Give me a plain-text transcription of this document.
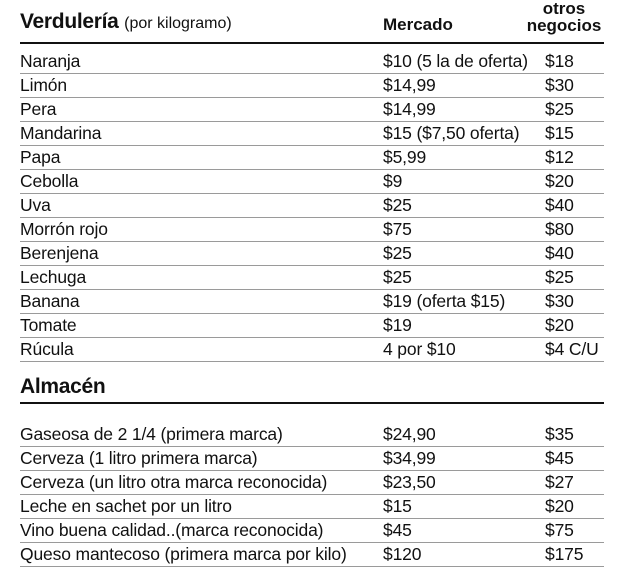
Verdulería (por kilogramo)	Mercado
otros
negocios
Naranja	$10 (5 la de oferta) $18
Limón	$14,99	$30
Pera	$14,99	$25
Mandarina	$15 ($7,50 oferta) $15
Papa	$5,99	$12
Cebolla	$9	$20
Uva	$25	$40
Morrón rojo	$75	$80
Berenjena	$25	$40
Lechuga	$25	$25
Banana	$19 (oferta $15) $30
Tomate	$19	$20
Rúcula	4 por $10	$4 C/U
Almacén
Gaseosa de 2 1/4 (primera marca)	$24,90	$35
Cerveza (1 litro primera marca)	$34,99	$45
Cerveza (un litro otra marca reconocida)	$23,50	$27
Leche en sachet por un litro	$15	$20
Vino buena calidad..(marca reconocida)	$45	$75
Queso mantecoso (primera marca por kilo) $120	$175
